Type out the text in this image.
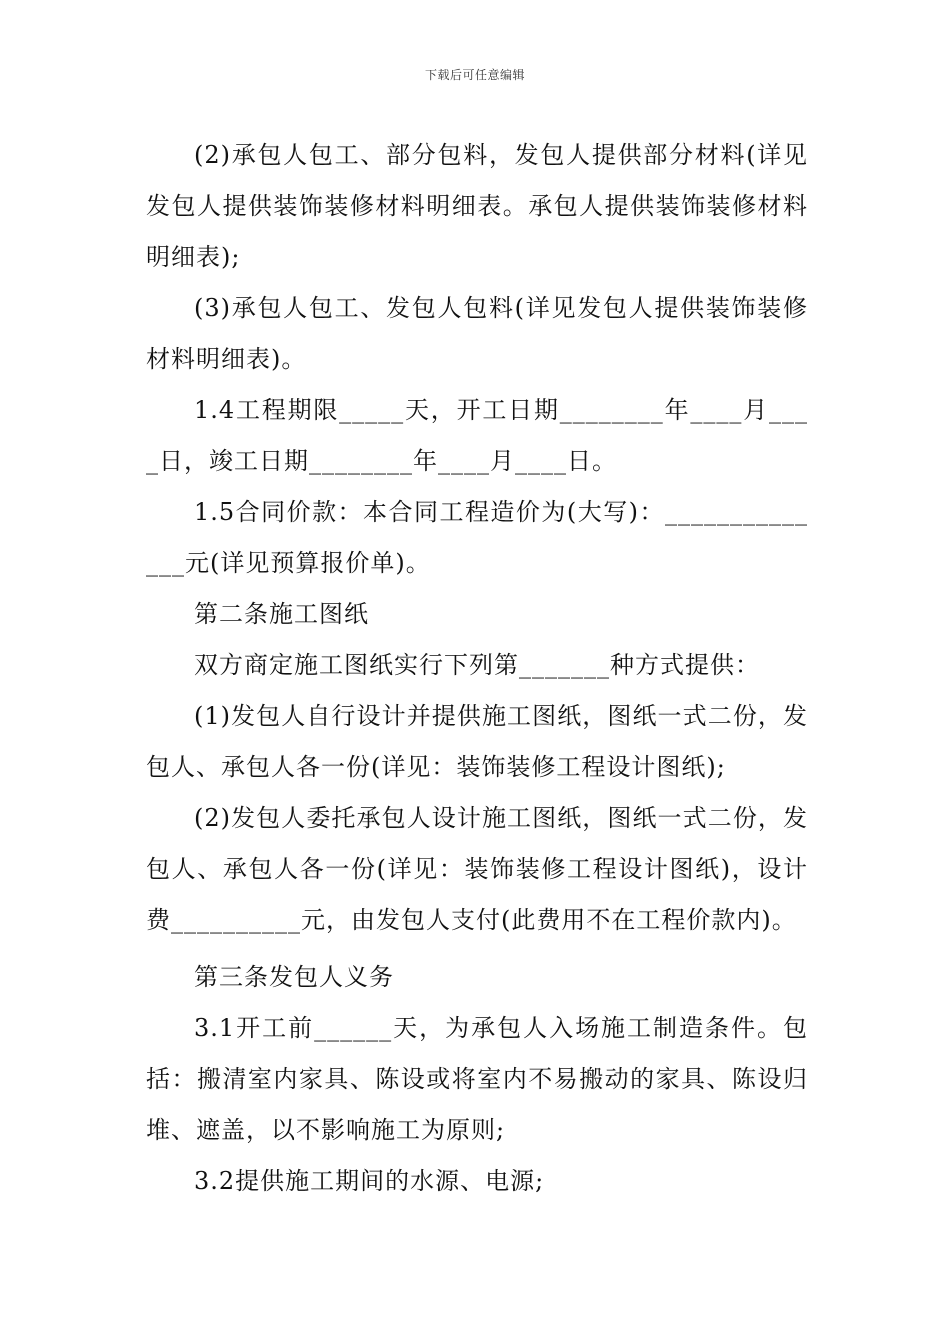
下载后可任意编辑

(2)承包人包工、部分包料，发包人提供部分材料(详见发包人提供装饰装修材料明细表。承包人提供装饰装修材料明细表);

(3)承包人包工、发包人包料(详见发包人提供装饰装修材料明细表)。

1.4工程期限_____天，开工日期________年____月____日，竣工日期________年____月____日。

1.5合同价款：本合同工程造价为(大写)：______________元(详见预算报价单)。

第二条施工图纸

双方商定施工图纸实行下列第_______种方式提供：

(1)发包人自行设计并提供施工图纸，图纸一式二份，发包人、承包人各一份(详见：装饰装修工程设计图纸);

(2)发包人委托承包人设计施工图纸，图纸一式二份，发包人、承包人各一份(详见：装饰装修工程设计图纸)，设计费__________元，由发包人支付(此费用不在工程价款内)。

第三条发包人义务

3.1开工前______天，为承包人入场施工制造条件。包括：搬清室内家具、陈设或将室内不易搬动的家具、陈设归堆、遮盖，以不影响施工为原则;

3.2提供施工期间的水源、电源;
